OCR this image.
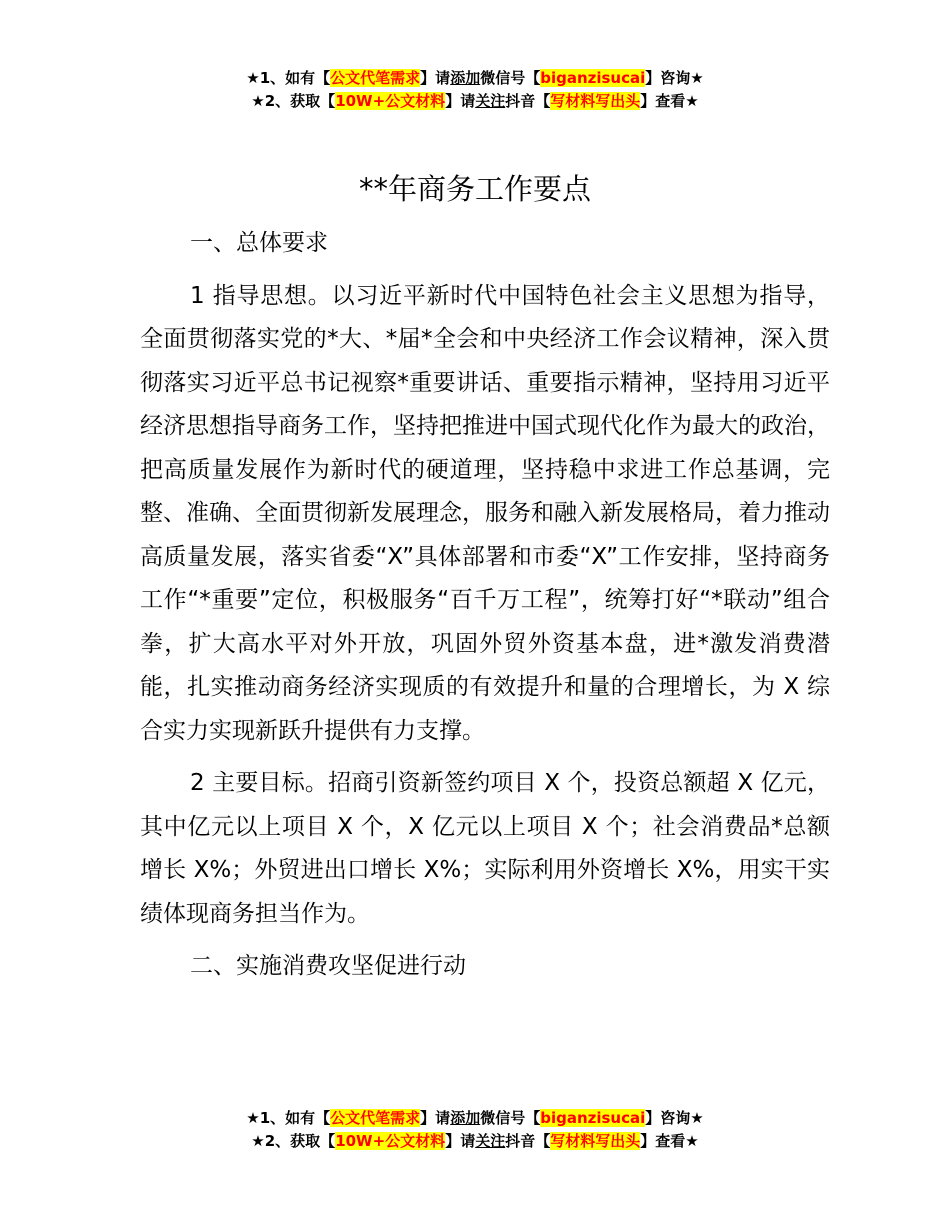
★1、如有【公文代笔需求】请添加微信号【biganzisucai】咨询★
★2、获取【10W+公文材料】请关注抖音【写材料写出头】查看★
**年商务工作要点

一、总体要求

1 指导思想。以习近平新时代中国特色社会主义思想为指导，全面贯彻落实党的*大、*届*全会和中央经济工作会议精神，深入贯彻落实习近平总书记视察*重要讲话、重要指示精神，坚持用习近平经济思想指导商务工作，坚持把推进中国式现代化作为最大的政治，把高质量发展作为新时代的硬道理，坚持稳中求进工作总基调，完整、准确、全面贯彻新发展理念，服务和融入新发展格局，着力推动高质量发展，落实省委“X”具体部署和市委“X”工作安排，坚持商务工作“*重要”定位，积极服务“百千万工程”，统筹打好“*联动”组合拳，扩大高水平对外开放，巩固外贸外资基本盘，进*激发消费潜能，扎实推动商务经济实现质的有效提升和量的合理增长，为 X 综合实力实现新跃升提供有力支撑。

2 主要目标。招商引资新签约项目 X 个，投资总额超 X 亿元，其中亿元以上项目 X 个，X 亿元以上项目 X 个；社会消费品*总额增长 X%；外贸进出口增长 X%；实际利用外资增长 X%，用实干实绩体现商务担当作为。

二、实施消费攻坚促进行动

★1、如有【公文代笔需求】请添加微信号【biganzisucai】咨询★
★2、获取【10W+公文材料】请关注抖音【写材料写出头】查看★
